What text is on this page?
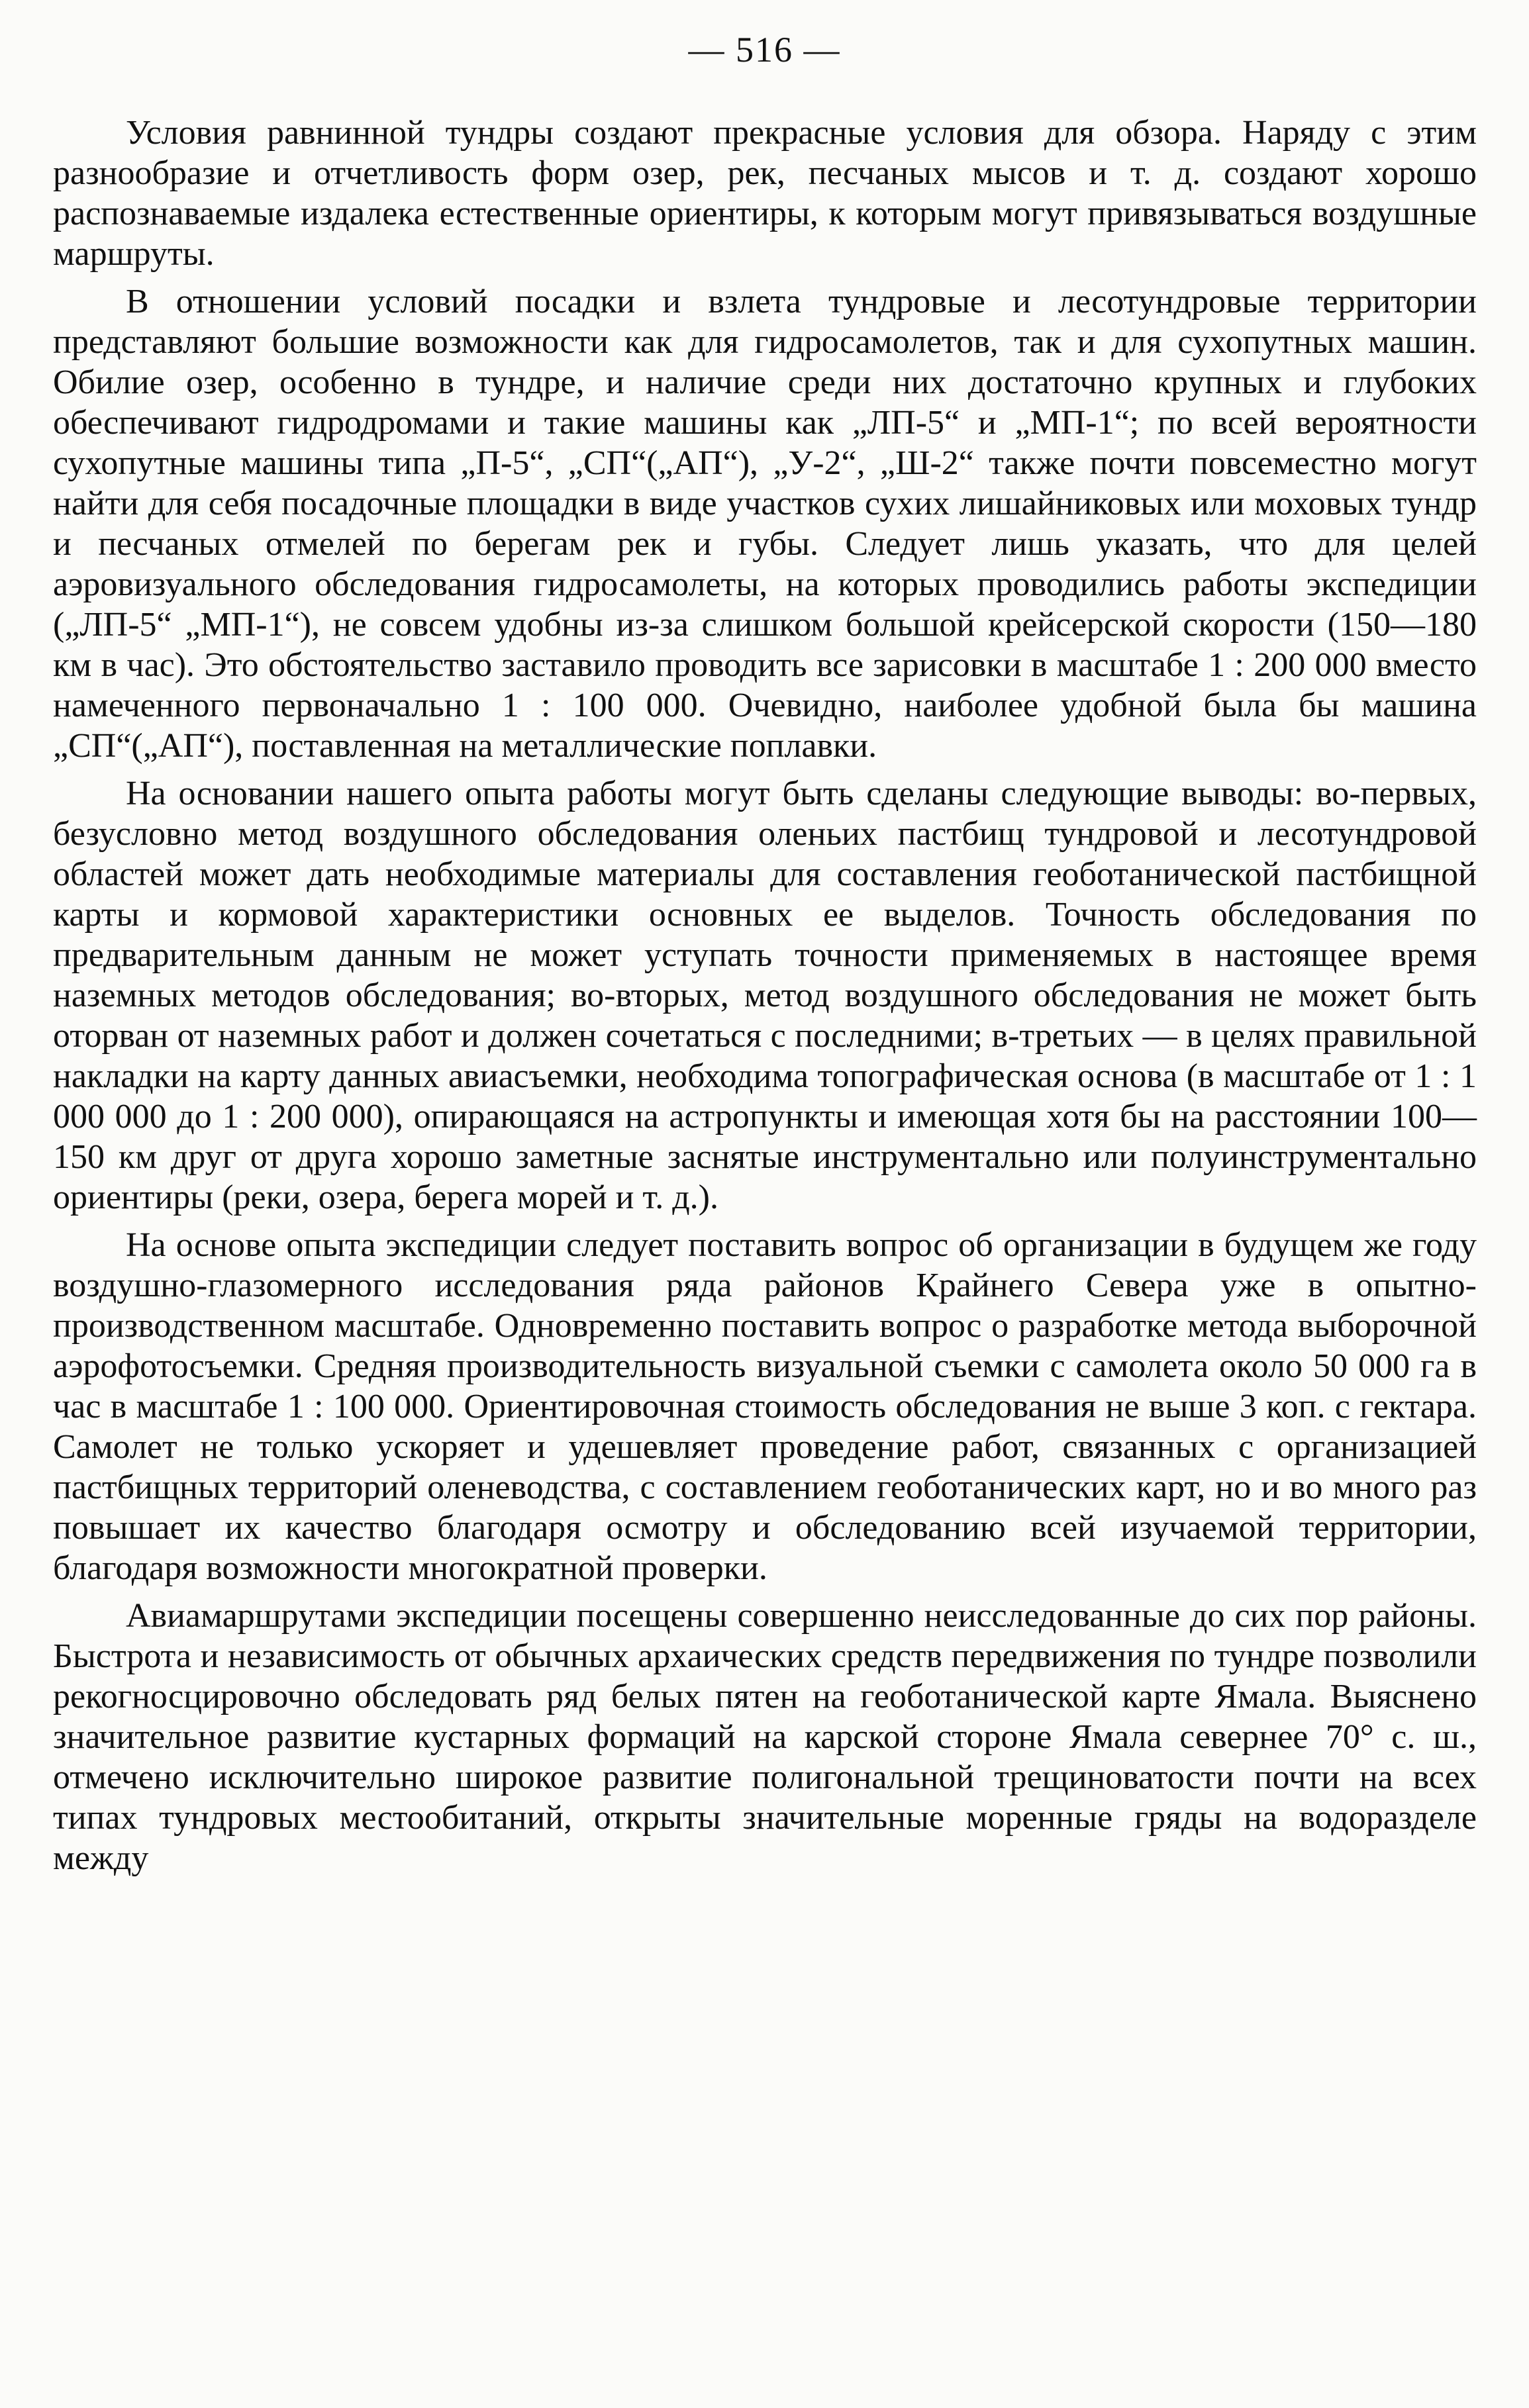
— 516 —

Условия равнинной тундры создают прекрасные условия для обзора. Наряду с этим разнообразие и отчетливость форм озер, рек, песчаных мысов и т. д. создают хорошо распознаваемые издалека естественные ориентиры, к которым могут привязываться воздушные маршруты.

В отношении условий посадки и взлета тундровые и лесотундровые территории представляют большие возможности как для гидросамолетов, так и для сухопутных машин. Обилие озер, особенно в тундре, и наличие среди них достаточно крупных и глубоких обеспечивают гидродромами и такие машины как „ЛП-5“ и „МП-1“; по всей вероятности сухопутные машины типа „П-5“, „СП“(„АП“), „У-2“, „Ш-2“ также почти повсеместно могут найти для себя посадочные площадки в виде участков сухих лишайниковых или моховых тундр и песчаных отмелей по берегам рек и губы. Следует лишь указать, что для целей аэровизуального обследования гидросамолеты, на которых проводились работы экспедиции („ЛП-5“ „МП-1“), не совсем удобны из-за слишком большой крейсерской скорости (150—180 км в час). Это обстоятельство заставило проводить все зарисовки в масштабе 1 : 200 000 вместо намеченного первоначально 1 : 100 000. Очевидно, наиболее удобной была бы машина „СП“(„АП“), поставленная на металлические поплавки.

На основании нашего опыта работы могут быть сделаны следующие выводы: во-первых, безусловно метод воздушного обследования оленьих пастбищ тундровой и лесотундровой областей может дать необходимые материалы для составления геоботанической пастбищной карты и кормовой характеристики основных ее выделов. Точность обследования по предварительным данным не может уступать точности применяемых в настоящее время наземных методов обследования; во-вторых, метод воздушного обследования не может быть оторван от наземных работ и должен сочетаться с последними; в-третьих — в целях правильной накладки на карту данных авиасъемки, необходима топографическая основа (в масштабе от 1 : 1 000 000 до 1 : 200 000), опирающаяся на астропункты и имеющая хотя бы на расстоянии 100—150 км друг от друга хорошо заметные заснятые инструментально или полуинструментально ориентиры (реки, озера, берега морей и т. д.).

На основе опыта экспедиции следует поставить вопрос об организации в будущем же году воздушно-глазомерного исследования ряда районов Крайнего Севера уже в опытно-производственном масштабе. Одновременно поставить вопрос о разработке метода выборочной аэрофотосъемки. Средняя производительность визуальной съемки с самолета около 50 000 га в час в масштабе 1 : 100 000. Ориентировочная стоимость обследования не выше 3 коп. с гектара. Самолет не только ускоряет и удешевляет проведение работ, связанных с организацией пастбищных территорий оленеводства, с составлением геоботанических карт, но и во много раз повышает их качество благодаря осмотру и обследованию всей изучаемой территории, благодаря возможности многократной проверки.

Авиамаршрутами экспедиции посещены совершенно неисследованные до сих пор районы. Быстрота и независимость от обычных архаических средств передвижения по тундре позволили рекогносцировочно обследовать ряд белых пятен на геоботанической карте Ямала. Выяснено значительное развитие кустарных формаций на карской стороне Ямала севернее 70° с. ш., отмечено исключительно широкое развитие полигональной трещиноватости почти на всех типах тундровых местообитаний, открыты значительные моренные гряды на водоразделе между
